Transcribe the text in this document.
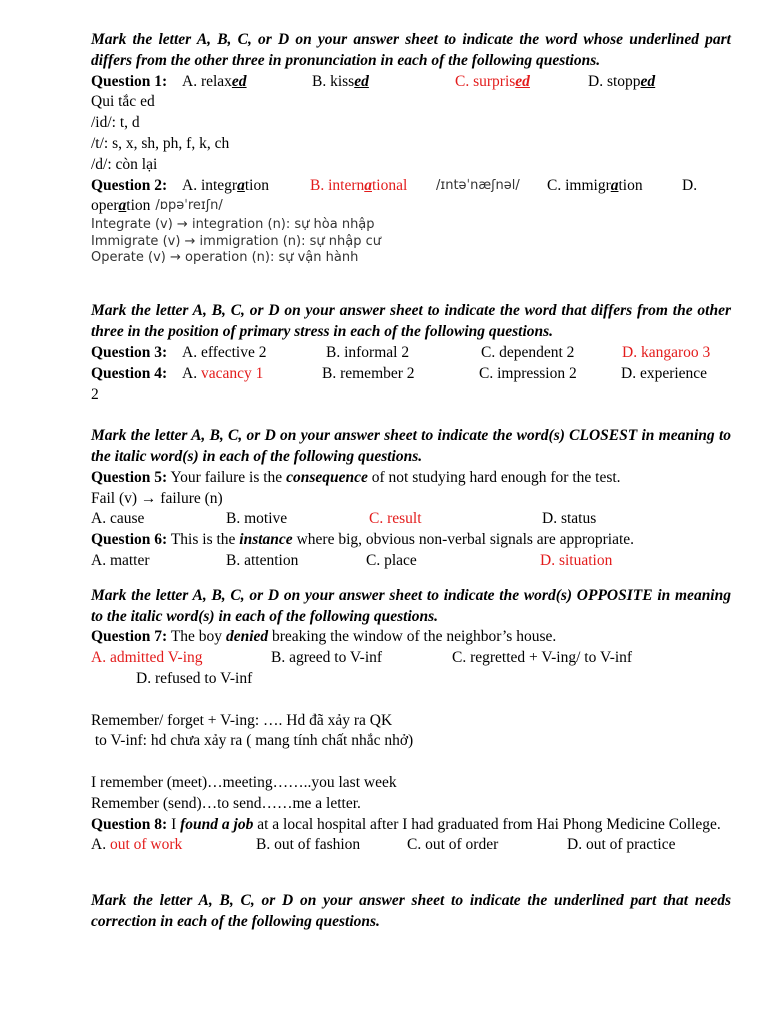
Mark the letter A, B, C, or D on your answer sheet to indicate the word whose underlined part differs from the other three in pronunciation in each of the following questions.

Question 1: A. relaxed	B. kissed	C. surprised	D. stopped

Qui tắc ed

/id/: t, d

/t/: s, x, sh, ph, f, k, ch

/d/: còn lại

Question 2: A. integration	B. international	/ɪntəˈnæʃnəl/	C. immigration	D.
operation /ɒpəˈreɪʃn/

Integrate (v) → integration (n): sự hòa nhập

Immigrate (v) → immigration (n): sự nhập cư

Operate (v) → operation (n): sự vận hành

Mark the letter A, B, C, or D on your answer sheet to indicate the word that differs from the other three in the position of primary stress in each of the following questions.

Question 3: A. effective 2	B. informal 2	C. dependent 2	D. kangaroo 3
Question 4: A. vacancy 1	B. remember 2	C. impression 2	D. experience

2

Mark the letter A, B, C, or D on your answer sheet to indicate the word(s) CLOSEST in meaning to the italic word(s) in each of the following questions.

Question 5: Your failure is the consequence of not studying hard enough for the test.

Fail (v) → failure (n)

A. cause	B. motive	C. result	D. status

Question 6: This is the instance where big, obvious non-verbal signals are appropriate.

A. matter	B. attention	C. place	D. situation

Mark the letter A, B, C, or D on your answer sheet to indicate the word(s) OPPOSITE in meaning to the italic word(s) in each of the following questions.

Question 7: The boy denied breaking the window of the neighbor’s house.

A. admitted V-ing	B. agreed to V-inf	C. regretted + V-ing/ to V-inf

D. refused to V-inf

Remember/ forget + V-ing: …. Hd đã xảy ra QK

to V-inf: hd chưa xảy ra ( mang tính chất nhắc nhở)

I remember (meet)…meeting……..you last week

Remember (send)…to send……me a letter.

Question 8: I found a job at a local hospital after I had graduated from Hai Phong Medicine College.

A. out of work	B. out of fashion	C. out of order	D. out of practice

Mark the letter A, B, C, or D on your answer sheet to indicate the underlined part that needs correction in each of the following questions.
